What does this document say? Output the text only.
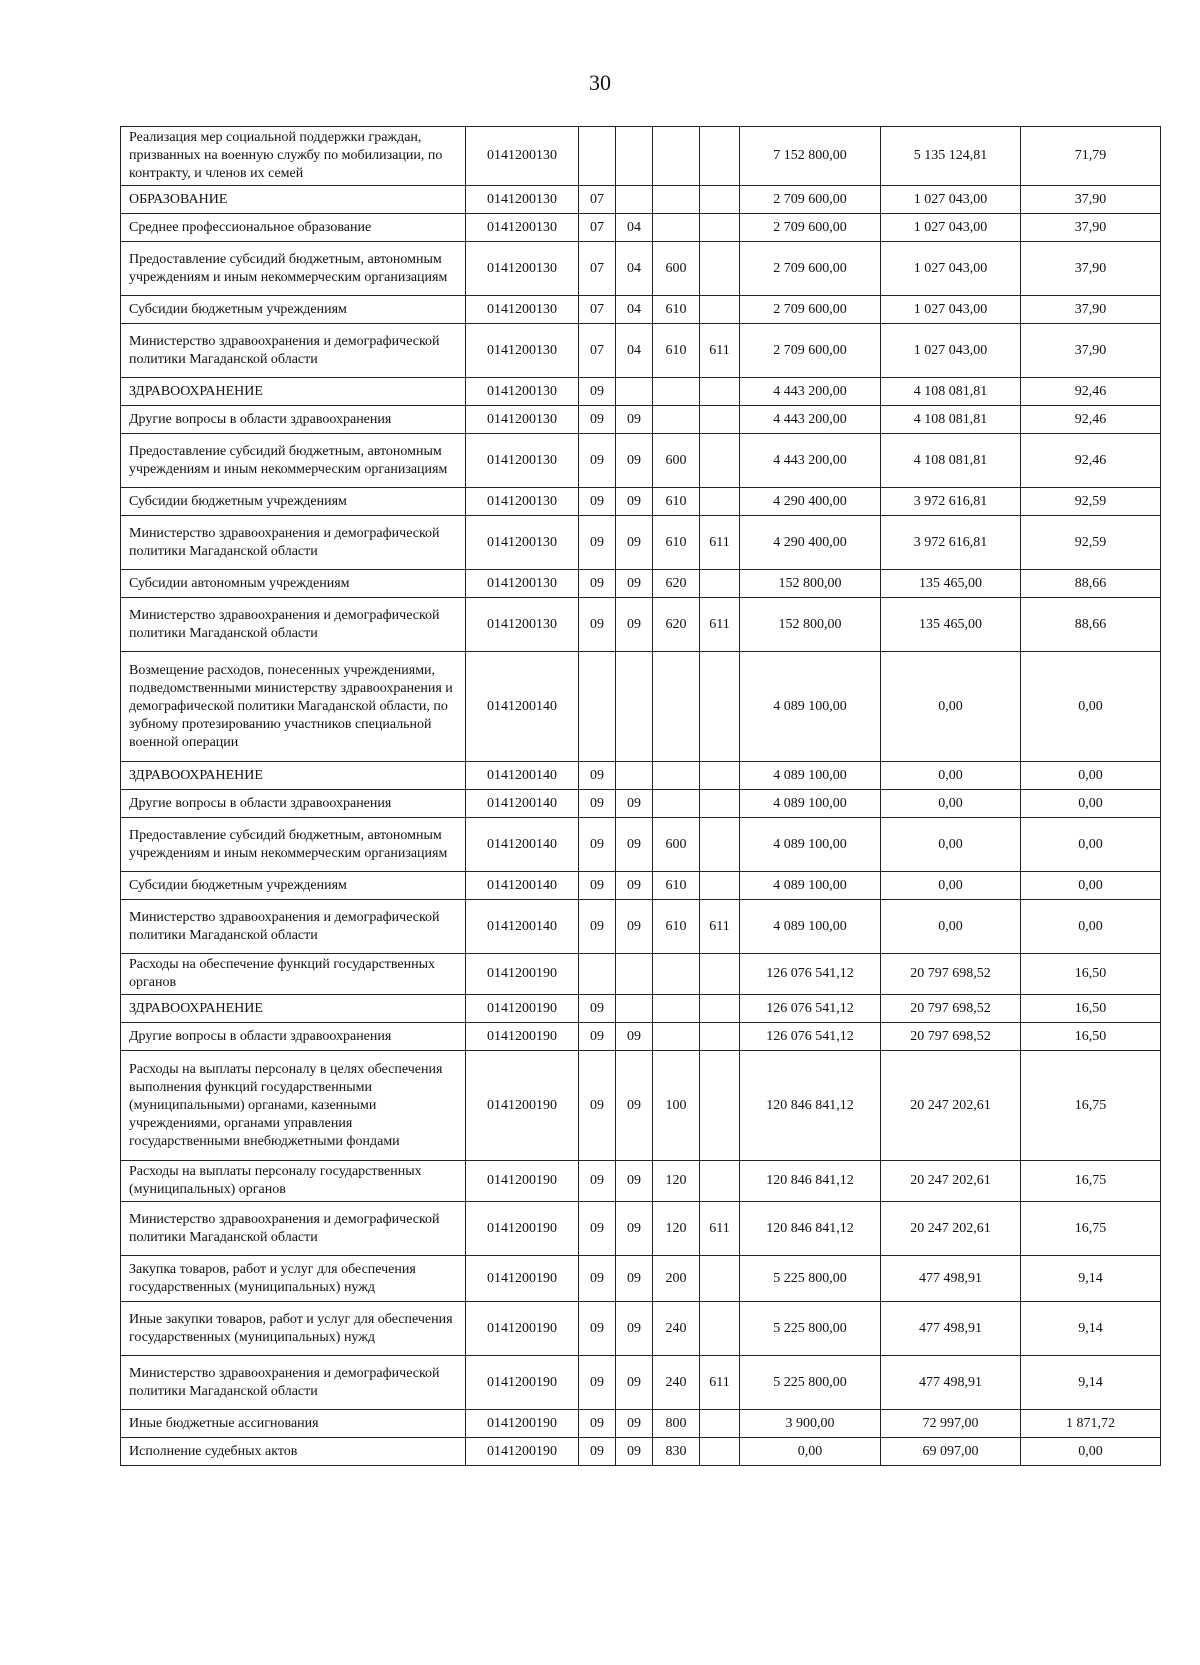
30
Реализация мер социальной поддержки граждан, призванных на военную службу по мобилизации, по контракту, и членов их семей	0141200130					7 152 800,00	5 135 124,81	71,79
ОБРАЗОВАНИЕ	0141200130	07				2 709 600,00	1 027 043,00	37,90
Среднее профессиональное образование	0141200130	07	04			2 709 600,00	1 027 043,00	37,90
Предоставление субсидий бюджетным, автономным учреждениям и иным некоммерческим организациям	0141200130	07	04	600		2 709 600,00	1 027 043,00	37,90
Субсидии бюджетным учреждениям	0141200130	07	04	610		2 709 600,00	1 027 043,00	37,90
Министерство здравоохранения и демографической политики Магаданской области	0141200130	07	04	610	611	2 709 600,00	1 027 043,00	37,90
ЗДРАВООХРАНЕНИЕ	0141200130	09				4 443 200,00	4 108 081,81	92,46
Другие вопросы в области здравоохранения	0141200130	09	09			4 443 200,00	4 108 081,81	92,46
Предоставление субсидий бюджетным, автономным учреждениям и иным некоммерческим организациям	0141200130	09	09	600		4 443 200,00	4 108 081,81	92,46
Субсидии бюджетным учреждениям	0141200130	09	09	610		4 290 400,00	3 972 616,81	92,59
Министерство здравоохранения и демографической политики Магаданской области	0141200130	09	09	610	611	4 290 400,00	3 972 616,81	92,59
Субсидии автономным учреждениям	0141200130	09	09	620		152 800,00	135 465,00	88,66
Министерство здравоохранения и демографической политики Магаданской области	0141200130	09	09	620	611	152 800,00	135 465,00	88,66
Возмещение расходов, понесенных учреждениями, подведомственными министерству здравоохранения и демографической политики Магаданской области, по зубному протезированию участников специальной военной операции	0141200140					4 089 100,00	0,00	0,00
ЗДРАВООХРАНЕНИЕ	0141200140	09				4 089 100,00	0,00	0,00
Другие вопросы в области здравоохранения	0141200140	09	09			4 089 100,00	0,00	0,00
Предоставление субсидий бюджетным, автономным учреждениям и иным некоммерческим организациям	0141200140	09	09	600		4 089 100,00	0,00	0,00
Субсидии бюджетным учреждениям	0141200140	09	09	610		4 089 100,00	0,00	0,00
Министерство здравоохранения и демографической политики Магаданской области	0141200140	09	09	610	611	4 089 100,00	0,00	0,00
Расходы на обеспечение функций государственных органов	0141200190					126 076 541,12	20 797 698,52	16,50
ЗДРАВООХРАНЕНИЕ	0141200190	09				126 076 541,12	20 797 698,52	16,50
Другие вопросы в области здравоохранения	0141200190	09	09			126 076 541,12	20 797 698,52	16,50
Расходы на выплаты персоналу в целях обеспечения выполнения функций государственными (муниципальными) органами, казенными учреждениями, органами управления государственными внебюджетными фондами	0141200190	09	09	100		120 846 841,12	20 247 202,61	16,75
Расходы на выплаты персоналу государственных (муниципальных) органов	0141200190	09	09	120		120 846 841,12	20 247 202,61	16,75
Министерство здравоохранения и демографической политики Магаданской области	0141200190	09	09	120	611	120 846 841,12	20 247 202,61	16,75
Закупка товаров, работ и услуг для обеспечения государственных (муниципальных) нужд	0141200190	09	09	200		5 225 800,00	477 498,91	9,14
Иные закупки товаров, работ и услуг для обеспечения государственных (муниципальных) нужд	0141200190	09	09	240		5 225 800,00	477 498,91	9,14
Министерство здравоохранения и демографической политики Магаданской области	0141200190	09	09	240	611	5 225 800,00	477 498,91	9,14
Иные бюджетные ассигнования	0141200190	09	09	800		3 900,00	72 997,00	1 871,72
Исполнение судебных актов	0141200190	09	09	830		0,00	69 097,00	0,00
